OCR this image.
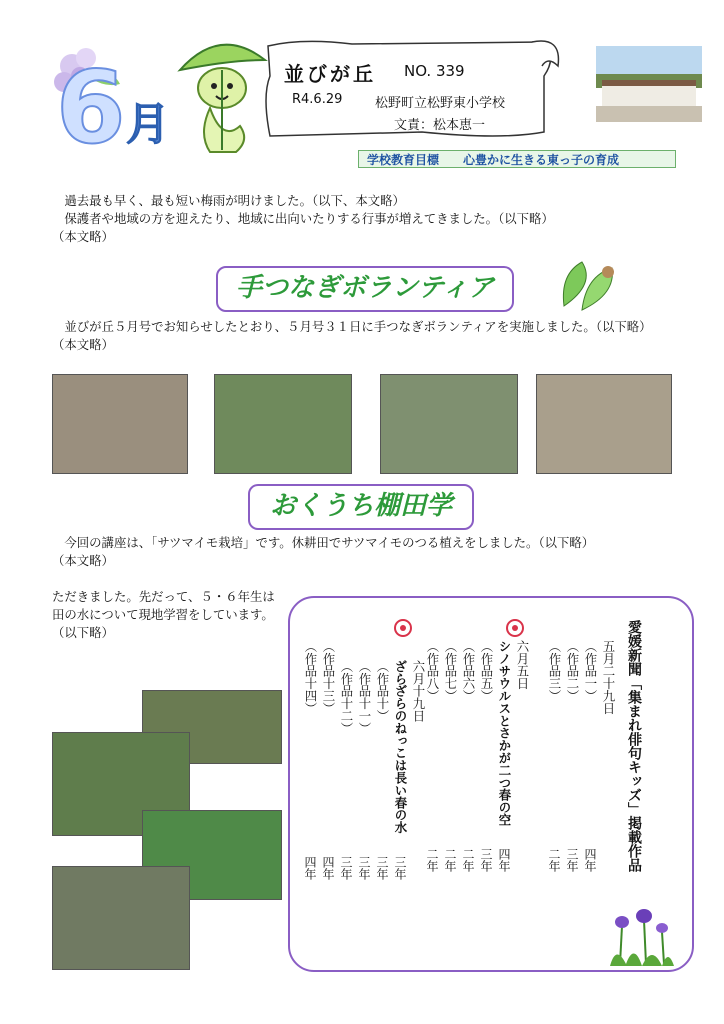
6 月
並びが丘 NO. 339
R4.6.29	松野町立松野東小学校
文責：松本恵一
学校教育目標　　心豊かに生きる東っ子の育成
過去最も早く、最も短い梅雨が明けました。（以下、本文略）
保護者や地域の方を迎えたり、地域に出向いたりする行事が増えてきました。（以下略）
（本文略）
手つなぎボランティア
並びが丘５月号でお知らせしたとおり、５月号３１日に手つなぎボランティアを実施しました。（以下略）
（本文略）
おくうち棚田学
今回の講座は、「サツマイモ栽培」です。休耕田でサツマイモのつる植えをしました。（以下略）
（本文略）
ただきました。先だって、５・６年生は田の水について現地学習をしています。（以下略）	愛媛新聞「集まれ俳句キッズ」掲載作品
五月二十九日
（作品一）
（作品二）
（作品三）
四年
三年
二年
六月五日
シノサウルスとさかが二つ春の空
（作品五）
（作品六）
（作品七）
（作品八）
四年
三年
二年
二年
二年
六月十九日
ざらざらのねっこは長い春の水
（作品十）
（作品十一）
（作品十二）
（作品十三）
（作品十四）
三年
三年
三年
三年
四年
四年
